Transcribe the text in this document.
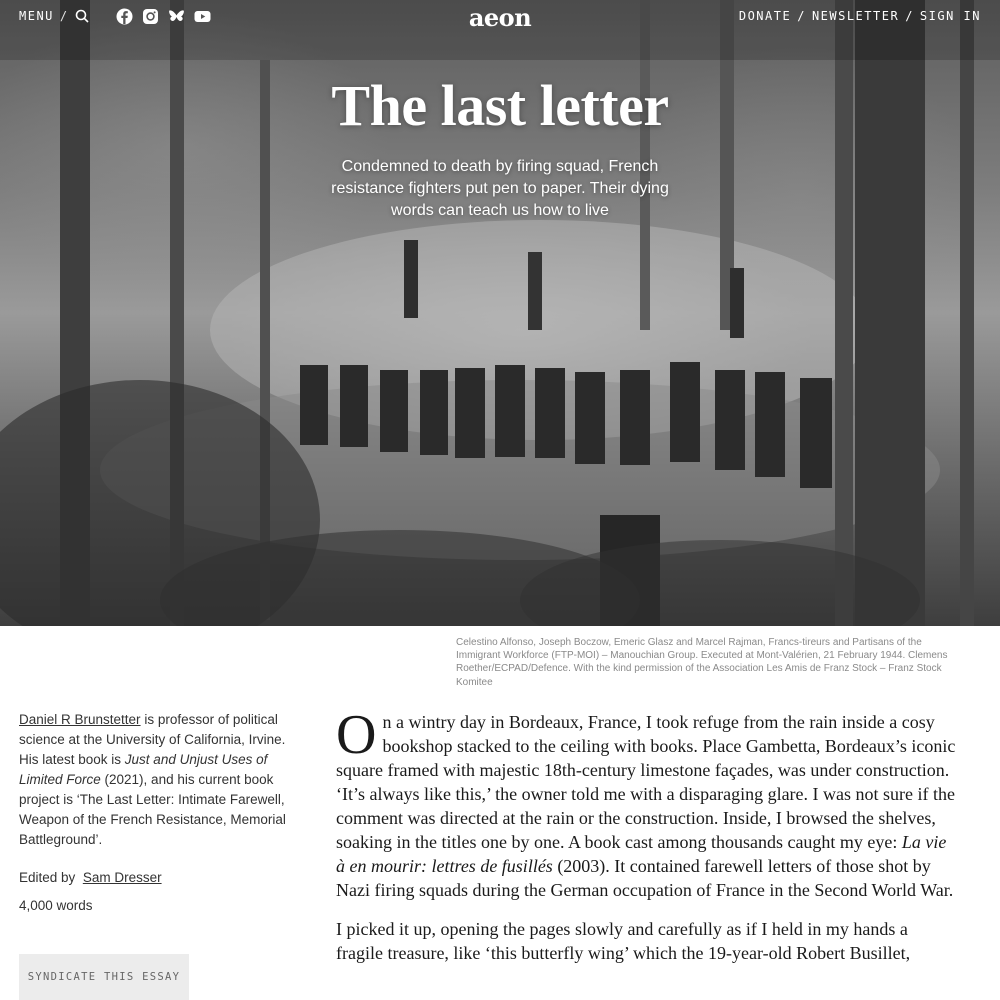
MENU /	aeon	DONATE / NEWSLETTER / SIGN IN
The last letter

Condemned to death by firing squad, French resistance fighters put pen to paper. Their dying words can teach us how to live

Celestino Alfonso, Joseph Boczow, Emeric Glasz and Marcel Rajman, Francs-tireurs and Partisans of the Immigrant Workforce (FTP-MOI) – Manouchian Group. Executed at Mont-Valérien, 21 February 1944. Clemens Roether/ECPAD/Defence. With the kind permission of the Association Les Amis de Franz Stock – Franz Stock Komitee

Daniel R Brunstetter is professor of political science at the University of California, Irvine. His latest book is Just and Unjust Uses of Limited Force (2021), and his current book project is ‘The Last Letter: Intimate Farewell, Weapon of the French Resistance, Memorial Battleground’.

Edited by Sam Dresser

4,000 words

SYNDICATE THIS ESSAY

On a wintry day in Bordeaux, France, I took refuge from the rain inside a cosy bookshop stacked to the ceiling with books. Place Gambetta, Bordeaux’s iconic square framed with majestic 18th-century limestone façades, was under construction. ‘It’s always like this,’ the owner told me with a disparaging glare. I was not sure if the comment was directed at the rain or the construction. Inside, I browsed the shelves, soaking in the titles one by one. A book cast among thousands caught my eye: La vie à en mourir: lettres de fusillés (2003). It contained farewell letters of those shot by Nazi firing squads during the German occupation of France in the Second World War.

I picked it up, opening the pages slowly and carefully as if I held in my hands a fragile treasure, like ‘this butterfly wing’ which the 19-year-old Robert Busillet,
